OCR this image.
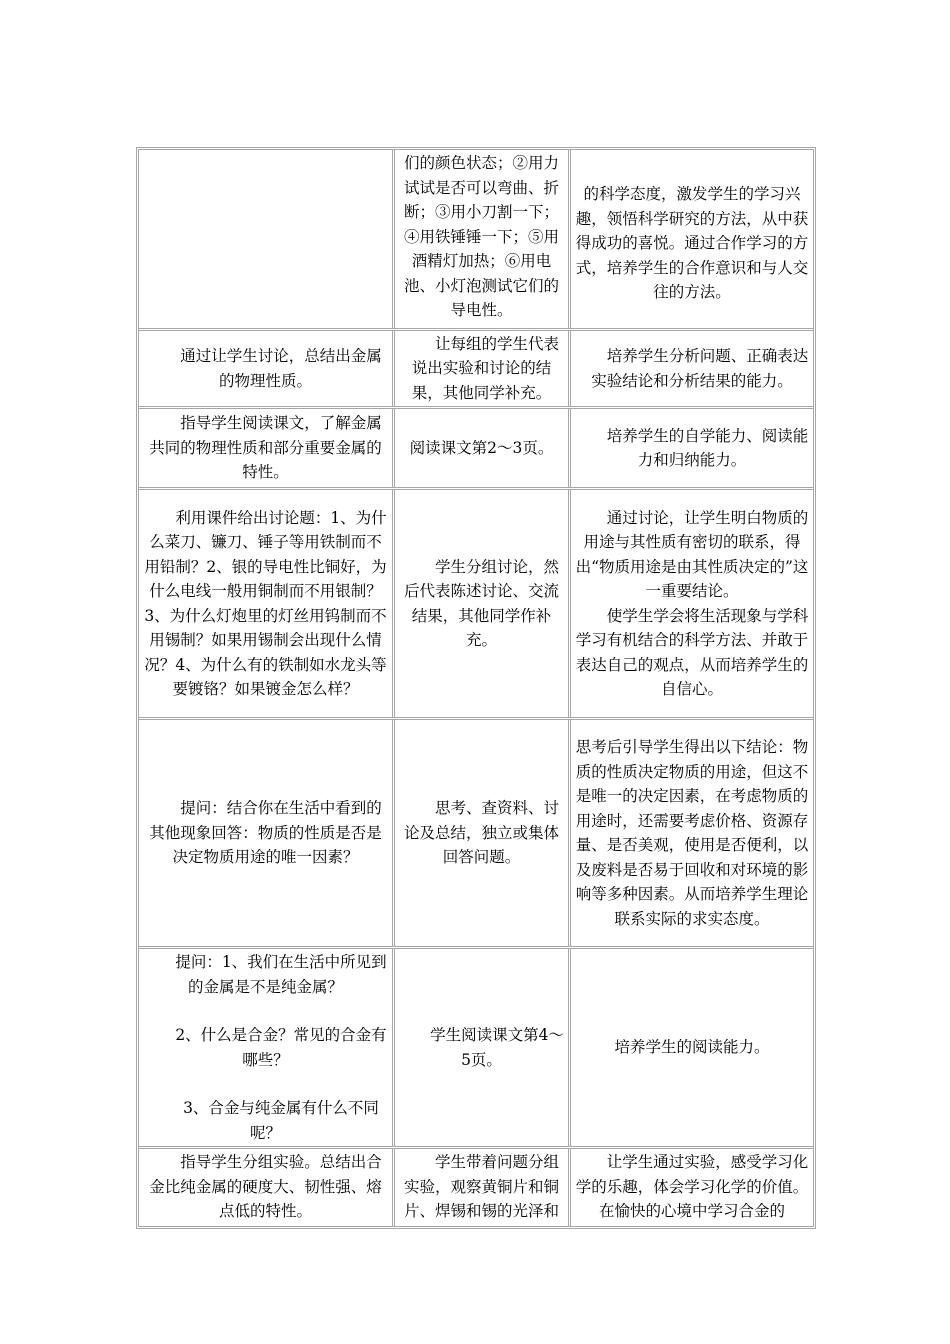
们的颜色状态；②用力试试是否可以弯曲、折断；③用小刀割一下；④用铁锤锤一下；⑤用酒精灯加热；⑥用电池、小灯泡测试它们的导电性。

的科学态度，激发学生的学习兴趣，领悟科学研究的方法，从中获得成功的喜悦。通过合作学习的方式，培养学生的合作意识和与人交往的方法。

通过让学生讨论，总结出金属的物理性质。

让每组的学生代表说出实验和讨论的结果，其他同学补充。

培养学生分析问题、正确表达实验结论和分析结果的能力。

指导学生阅读课文，了解金属共同的物理性质和部分重要金属的特性。

阅读课文第2～3页。

培养学生的自学能力、阅读能力和归纳能力。

利用课件给出讨论题：1、为什么菜刀、镰刀、锤子等用铁制而不用铅制？2、银的导电性比铜好，为什么电线一般用铜制而不用银制？3、为什么灯炮里的灯丝用钨制而不用锡制？如果用锡制会出现什么情况？4、为什么有的铁制如水龙头等要镀铬？如果镀金怎么样？

学生分组讨论，然后代表陈述讨论、交流结果，其他同学作补充。

通过讨论，让学生明白物质的用途与其性质有密切的联系，得出“物质用途是由其性质决定的”这一重要结论。

使学生学会将生活现象与学科学习有机结合的科学方法、并敢于表达自己的观点，从而培养学生的自信心。

提问：结合你在生活中看到的其他现象回答：物质的性质是否是决定物质用途的唯一因素？

思考、查资料、讨论及总结，独立或集体回答问题。

思考后引导学生得出以下结论：物质的性质决定物质的用途，但这不是唯一的决定因素，在考虑物质的用途时，还需要考虑价格、资源存量、是否美观，使用是否便利，以及废料是否易于回收和对环境的影响等多种因素。从而培养学生理论联系实际的求实态度。

提问：1、我们在生活中所见到的金属是不是纯金属？

2、什么是合金？常见的合金有哪些？

3、合金与纯金属有什么不同呢？

学生阅读课文第4～5页。

培养学生的阅读能力。

指导学生分组实验。总结出合金比纯金属的硬度大、韧性强、熔点低的特性。

学生带着问题分组实验，观察黄铜片和铜片、焊锡和锡的光泽和

让学生通过实验，感受学习化学的乐趣，体会学习化学的价值。在愉快的心境中学习合金的
